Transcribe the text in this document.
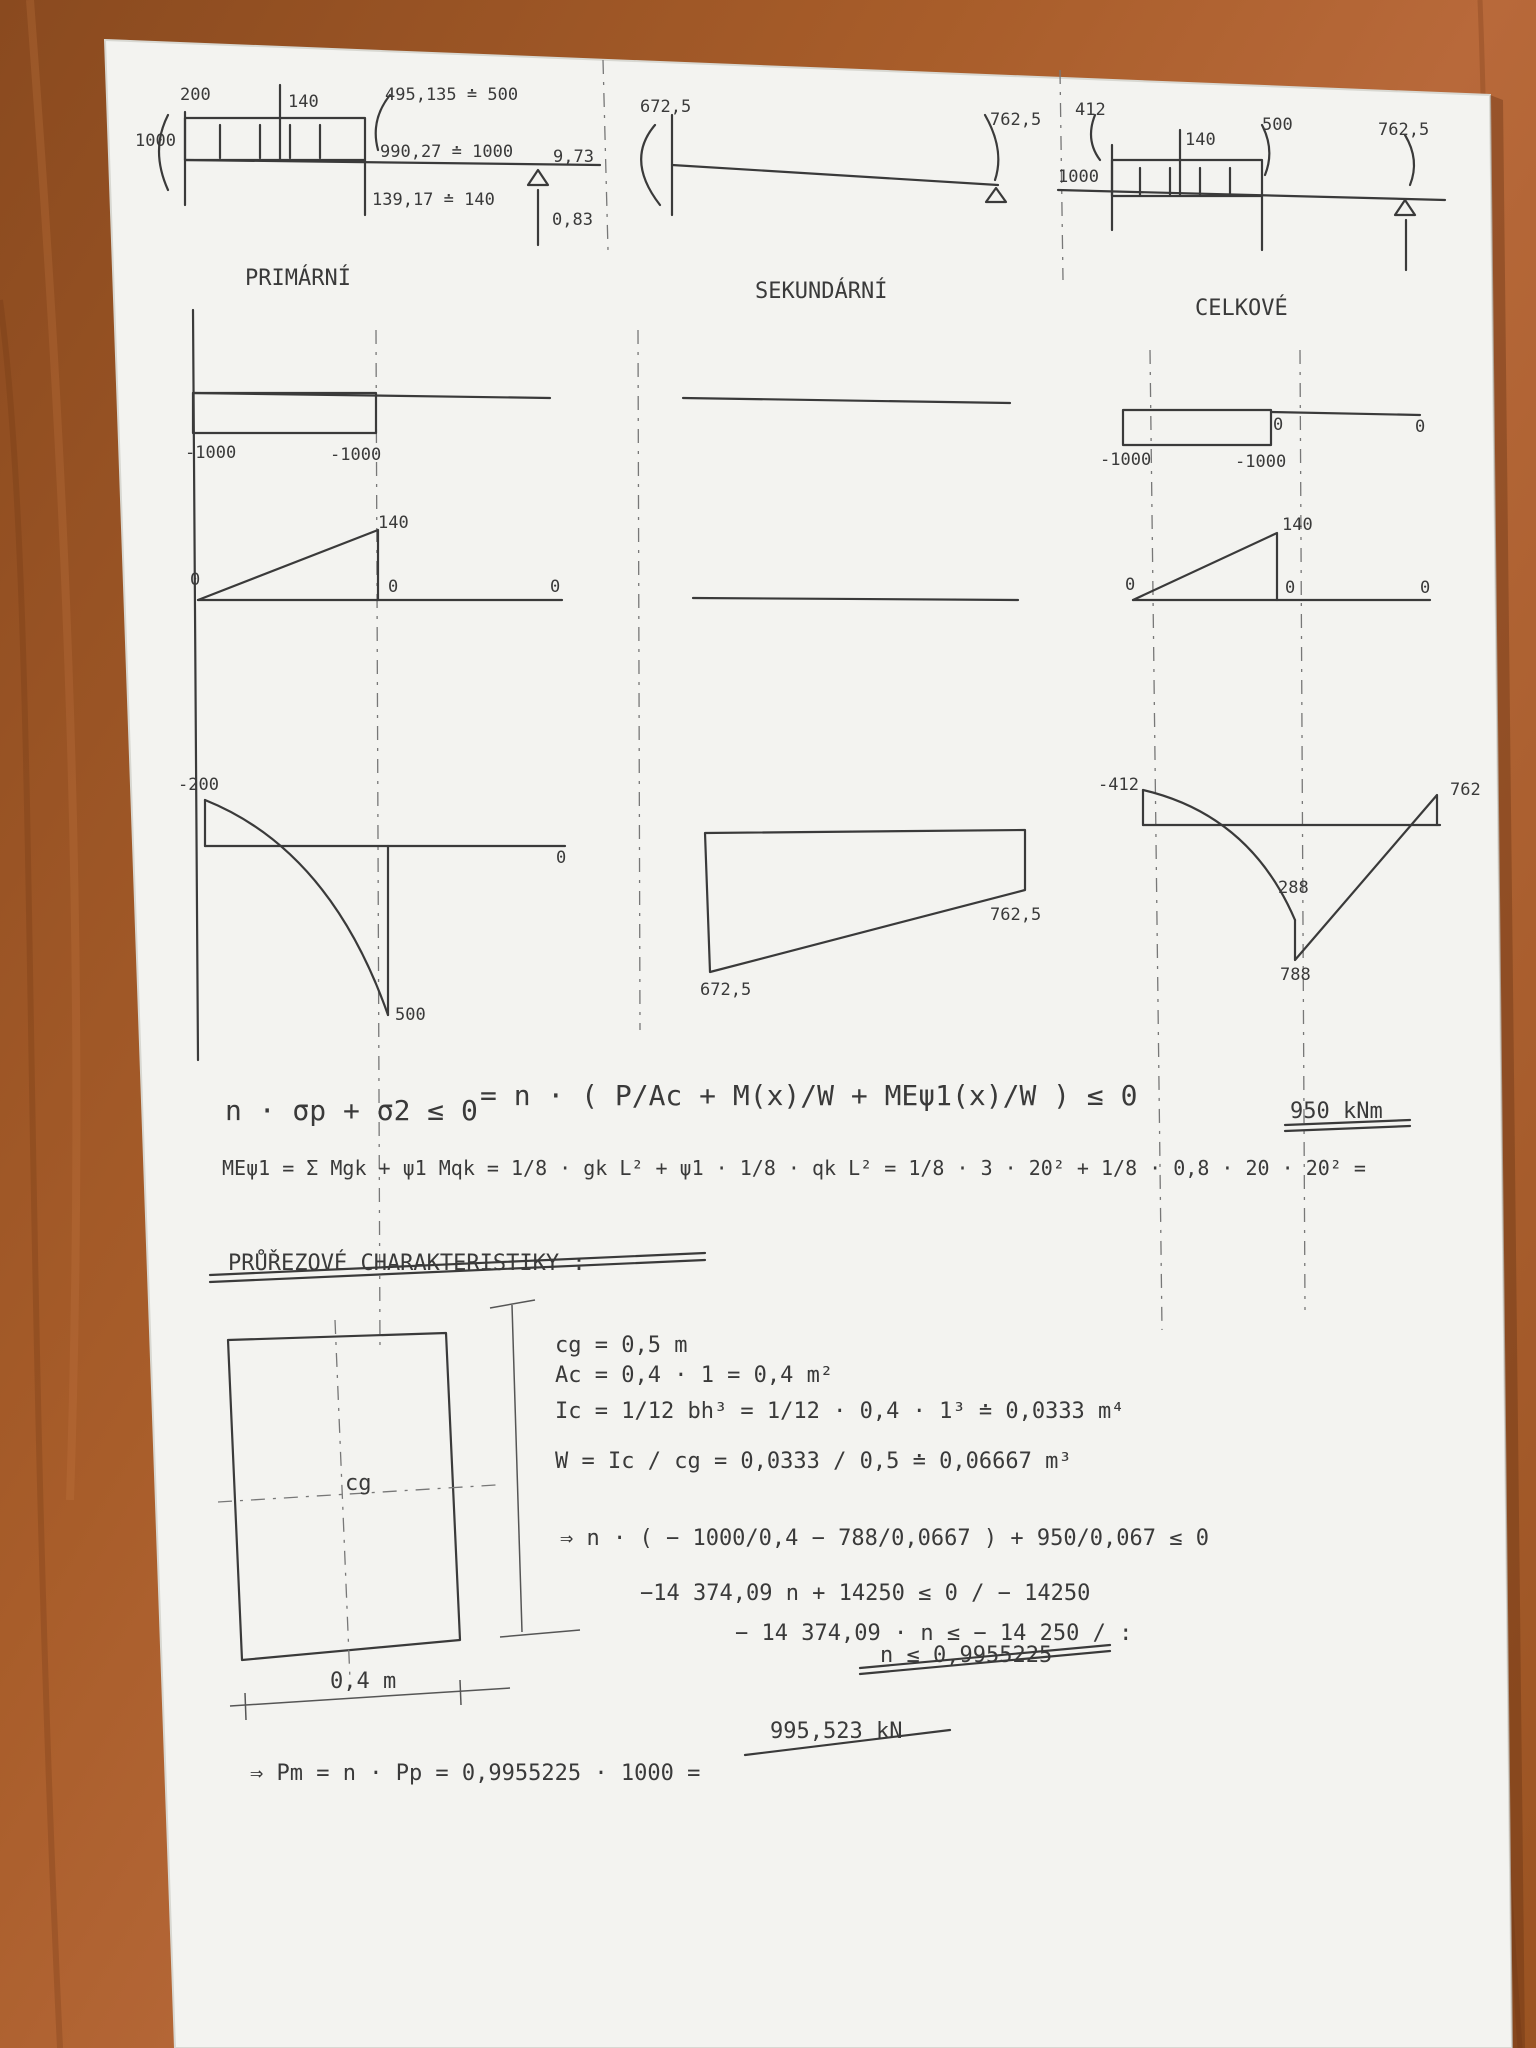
200	140	495,135 ≐ 500
990,27 ≐ 1000 9,73
139,17 ≐ 140
0,83
1000
672,5
762,5 412
140
500	762,5
1000
PRIMÁRNÍ
SEKUNDÁRNÍ
CELKOVÉ
-1000	-1000	-1000	-1000
0	0
0
140
0	0	0
140
0	0
-200
0
500
672,5
762,5
-412	762
288
788
n · σp + σ2 ≤ 0 = n · ( P/Ac + M(x)/W + MEψ1(x)/W ) ≤ 0
MEψ1 = Σ Mgk + ψ1 Mqk = 1/8 · gk L² + ψ1 · 1/8 · qk L² = 1/8 · 3 · 20² + 1/8 · 0,8 · 20 · 20² =
950 kNm
PRŮŘEZOVÉ CHARAKTERISTIKY :
cg
0,4 m
cg = 0,5 m
Ac = 0,4 · 1 = 0,4 m²
Ic = 1/12 bh³ = 1/12 · 0,4 · 1³ ≐ 0,0333 m⁴
W = Ic / cg = 0,0333 / 0,5 ≐ 0,06667 m³
⇒ n · ( − 1000/0,4 − 788/0,0667 ) + 950/0,067 ≤ 0
−14 374,09 n + 14250 ≤ 0 / − 14250
− 14 374,09 · n ≤ − 14 250 / :
n ≤ 0,9955225
⇒ Pm = n · Pp = 0,9955225 · 1000 =
995,523 kN
